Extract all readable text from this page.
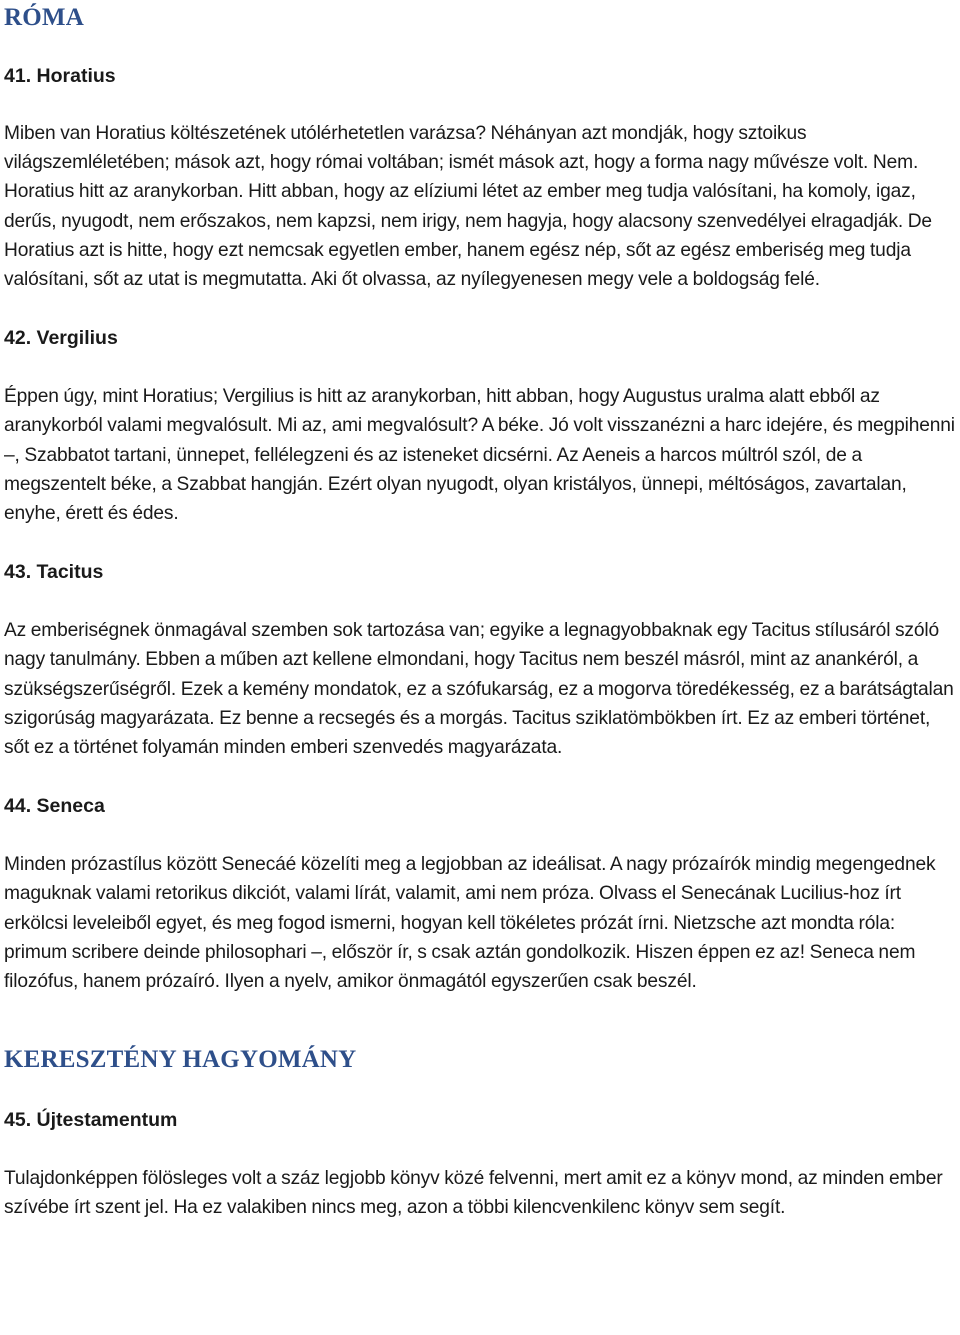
RÓMA
41. Horatius

Miben van Horatius költészetének utólérhetetlen varázsa? Néhányan azt mondják, hogy sztoikus világszemléletében; mások azt, hogy római voltában; ismét mások azt, hogy a forma nagy művésze volt. Nem. Horatius hitt az aranykorban. Hitt abban, hogy az elíziumi létet az ember meg tudja valósítani, ha komoly, igaz, derűs, nyugodt, nem erőszakos, nem kapzsi, nem irigy, nem hagyja, hogy alacsony szenvedélyei elragadják. De Horatius azt is hitte, hogy ezt nemcsak egyetlen ember, hanem egész nép, sőt az egész emberiség meg tudja valósítani, sőt az utat is megmutatta. Aki őt olvassa, az nyílegyenesen megy vele a boldogság felé.

42. Vergilius

Éppen úgy, mint Horatius; Vergilius is hitt az aranykorban, hitt abban, hogy Augustus uralma alatt ebből az aranykorból valami megvalósult. Mi az, ami megvalósult? A béke. Jó volt visszanézni a harc idejére, és megpihenni –, Szabbatot tartani, ünnepet, fellélegzeni és az isteneket dicsérni. Az Aeneis a harcos múltról szól, de a megszentelt béke, a Szabbat hangján. Ezért olyan nyugodt, olyan kristályos, ünnepi, méltóságos, zavartalan, enyhe, érett és édes.

43. Tacitus

Az emberiségnek önmagával szemben sok tartozása van; egyike a legnagyobbaknak egy Tacitus stílusáról szóló nagy tanulmány. Ebben a műben azt kellene elmondani, hogy Tacitus nem beszél másról, mint az anankéról, a szükségszerűségről. Ezek a kemény mondatok, ez a szófukarság, ez a mogorva töredékesség, ez a barátságtalan szigorúság magyarázata. Ez benne a recsegés és a morgás. Tacitus sziklatömbökben írt. Ez az emberi történet, sőt ez a történet folyamán minden emberi szenvedés magyarázata.

44. Seneca

Minden prózastílus között Senecáé közelíti meg a legjobban az ideálisat. A nagy prózaírók mindig megengednek maguknak valami retorikus dikciót, valami lírát, valamit, ami nem próza. Olvass el Senecának Lucilius-hoz írt erkölcsi leveleiből egyet, és meg fogod ismerni, hogyan kell tökéletes prózát írni. Nietzsche azt mondta róla: primum scribere deinde philosophari –, először ír, s csak aztán gondolkozik. Hiszen éppen ez az! Seneca nem filozófus, hanem prózaíró. Ilyen a nyelv, amikor önmagától egyszerűen csak beszél.

KERESZTÉNY HAGYOMÁNY
45. Újtestamentum

Tulajdonképpen fölösleges volt a száz legjobb könyv közé felvenni, mert amit ez a könyv mond, az minden ember szívébe írt szent jel. Ha ez valakiben nincs meg, azon a többi kilencvenkilenc könyv sem segít.
